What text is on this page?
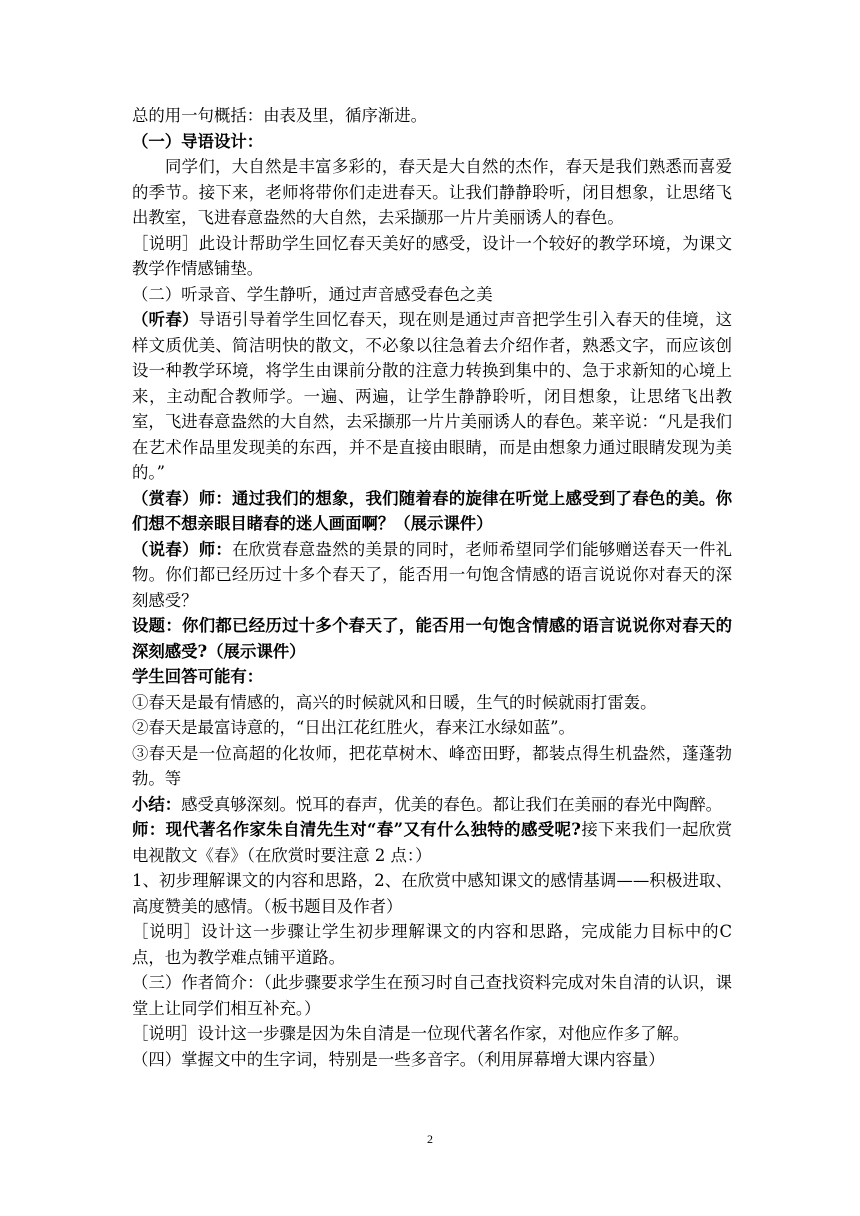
总的用一句概括：由表及里，循序渐进。

（一）导语设计：

同学们，大自然是丰富多彩的，春天是大自然的杰作，春天是我们熟悉而喜爱的季节。接下来，老师将带你们走进春天。让我们静静聆听，闭目想象，让思绪飞出教室，飞进春意盎然的大自然，去采撷那一片片美丽诱人的春色。

［说明］此设计帮助学生回忆春天美好的感受，设计一个较好的教学环境，为课文教学作情感铺垫。

（二）听录音、学生静听，通过声音感受春色之美

（听春）导语引导着学生回忆春天，现在则是通过声音把学生引入春天的佳境，这样文质优美、简洁明快的散文，不必象以往急着去介绍作者，熟悉文字，而应该创设一种教学环境，将学生由课前分散的注意力转换到集中的、急于求新知的心境上来，主动配合教师学。一遍、两遍，让学生静静聆听，闭目想象，让思绪飞出教室，飞进春意盎然的大自然，去采撷那一片片美丽诱人的春色。莱辛说：“凡是我们在艺术作品里发现美的东西，并不是直接由眼睛，而是由想象力通过眼睛发现为美的。”

（赏春）师：通过我们的想象，我们随着春的旋律在听觉上感受到了春色的美。你们想不想亲眼目睹春的迷人画面啊？（展示课件）

（说春）师：在欣赏春意盎然的美景的同时，老师希望同学们能够赠送春天一件礼物。你们都已经历过十多个春天了，能否用一句饱含情感的语言说说你对春天的深刻感受？

设题：你们都已经历过十多个春天了，能否用一句饱含情感的语言说说你对春天的深刻感受?（展示课件）

学生回答可能有：

①春天是最有情感的，高兴的时候就风和日暖，生气的时候就雨打雷轰。

②春天是最富诗意的，“日出江花红胜火，春来江水绿如蓝”。

③春天是一位高超的化妆师，把花草树木、峰峦田野，都装点得生机盎然，蓬蓬勃勃。等

小结：感受真够深刻。悦耳的春声，优美的春色。都让我们在美丽的春光中陶醉。

师：现代著名作家朱自清先生对“春”又有什么独特的感受呢?接下来我们一起欣赏电视散文《春》（在欣赏时要注意 2 点：）

1、初步理解课文的内容和思路，2、在欣赏中感知课文的感情基调——积极进取、高度赞美的感情。（板书题目及作者）

［说明］设计这一步骤让学生初步理解课文的内容和思路，完成能力目标中的C点，也为教学难点铺平道路。

（三）作者简介：（此步骤要求学生在预习时自己查找资料完成对朱自清的认识，课堂上让同学们相互补充。）

［说明］设计这一步骤是因为朱自清是一位现代著名作家，对他应作多了解。

（四）掌握文中的生字词，特别是一些多音字。（利用屏幕增大课内容量）

2
